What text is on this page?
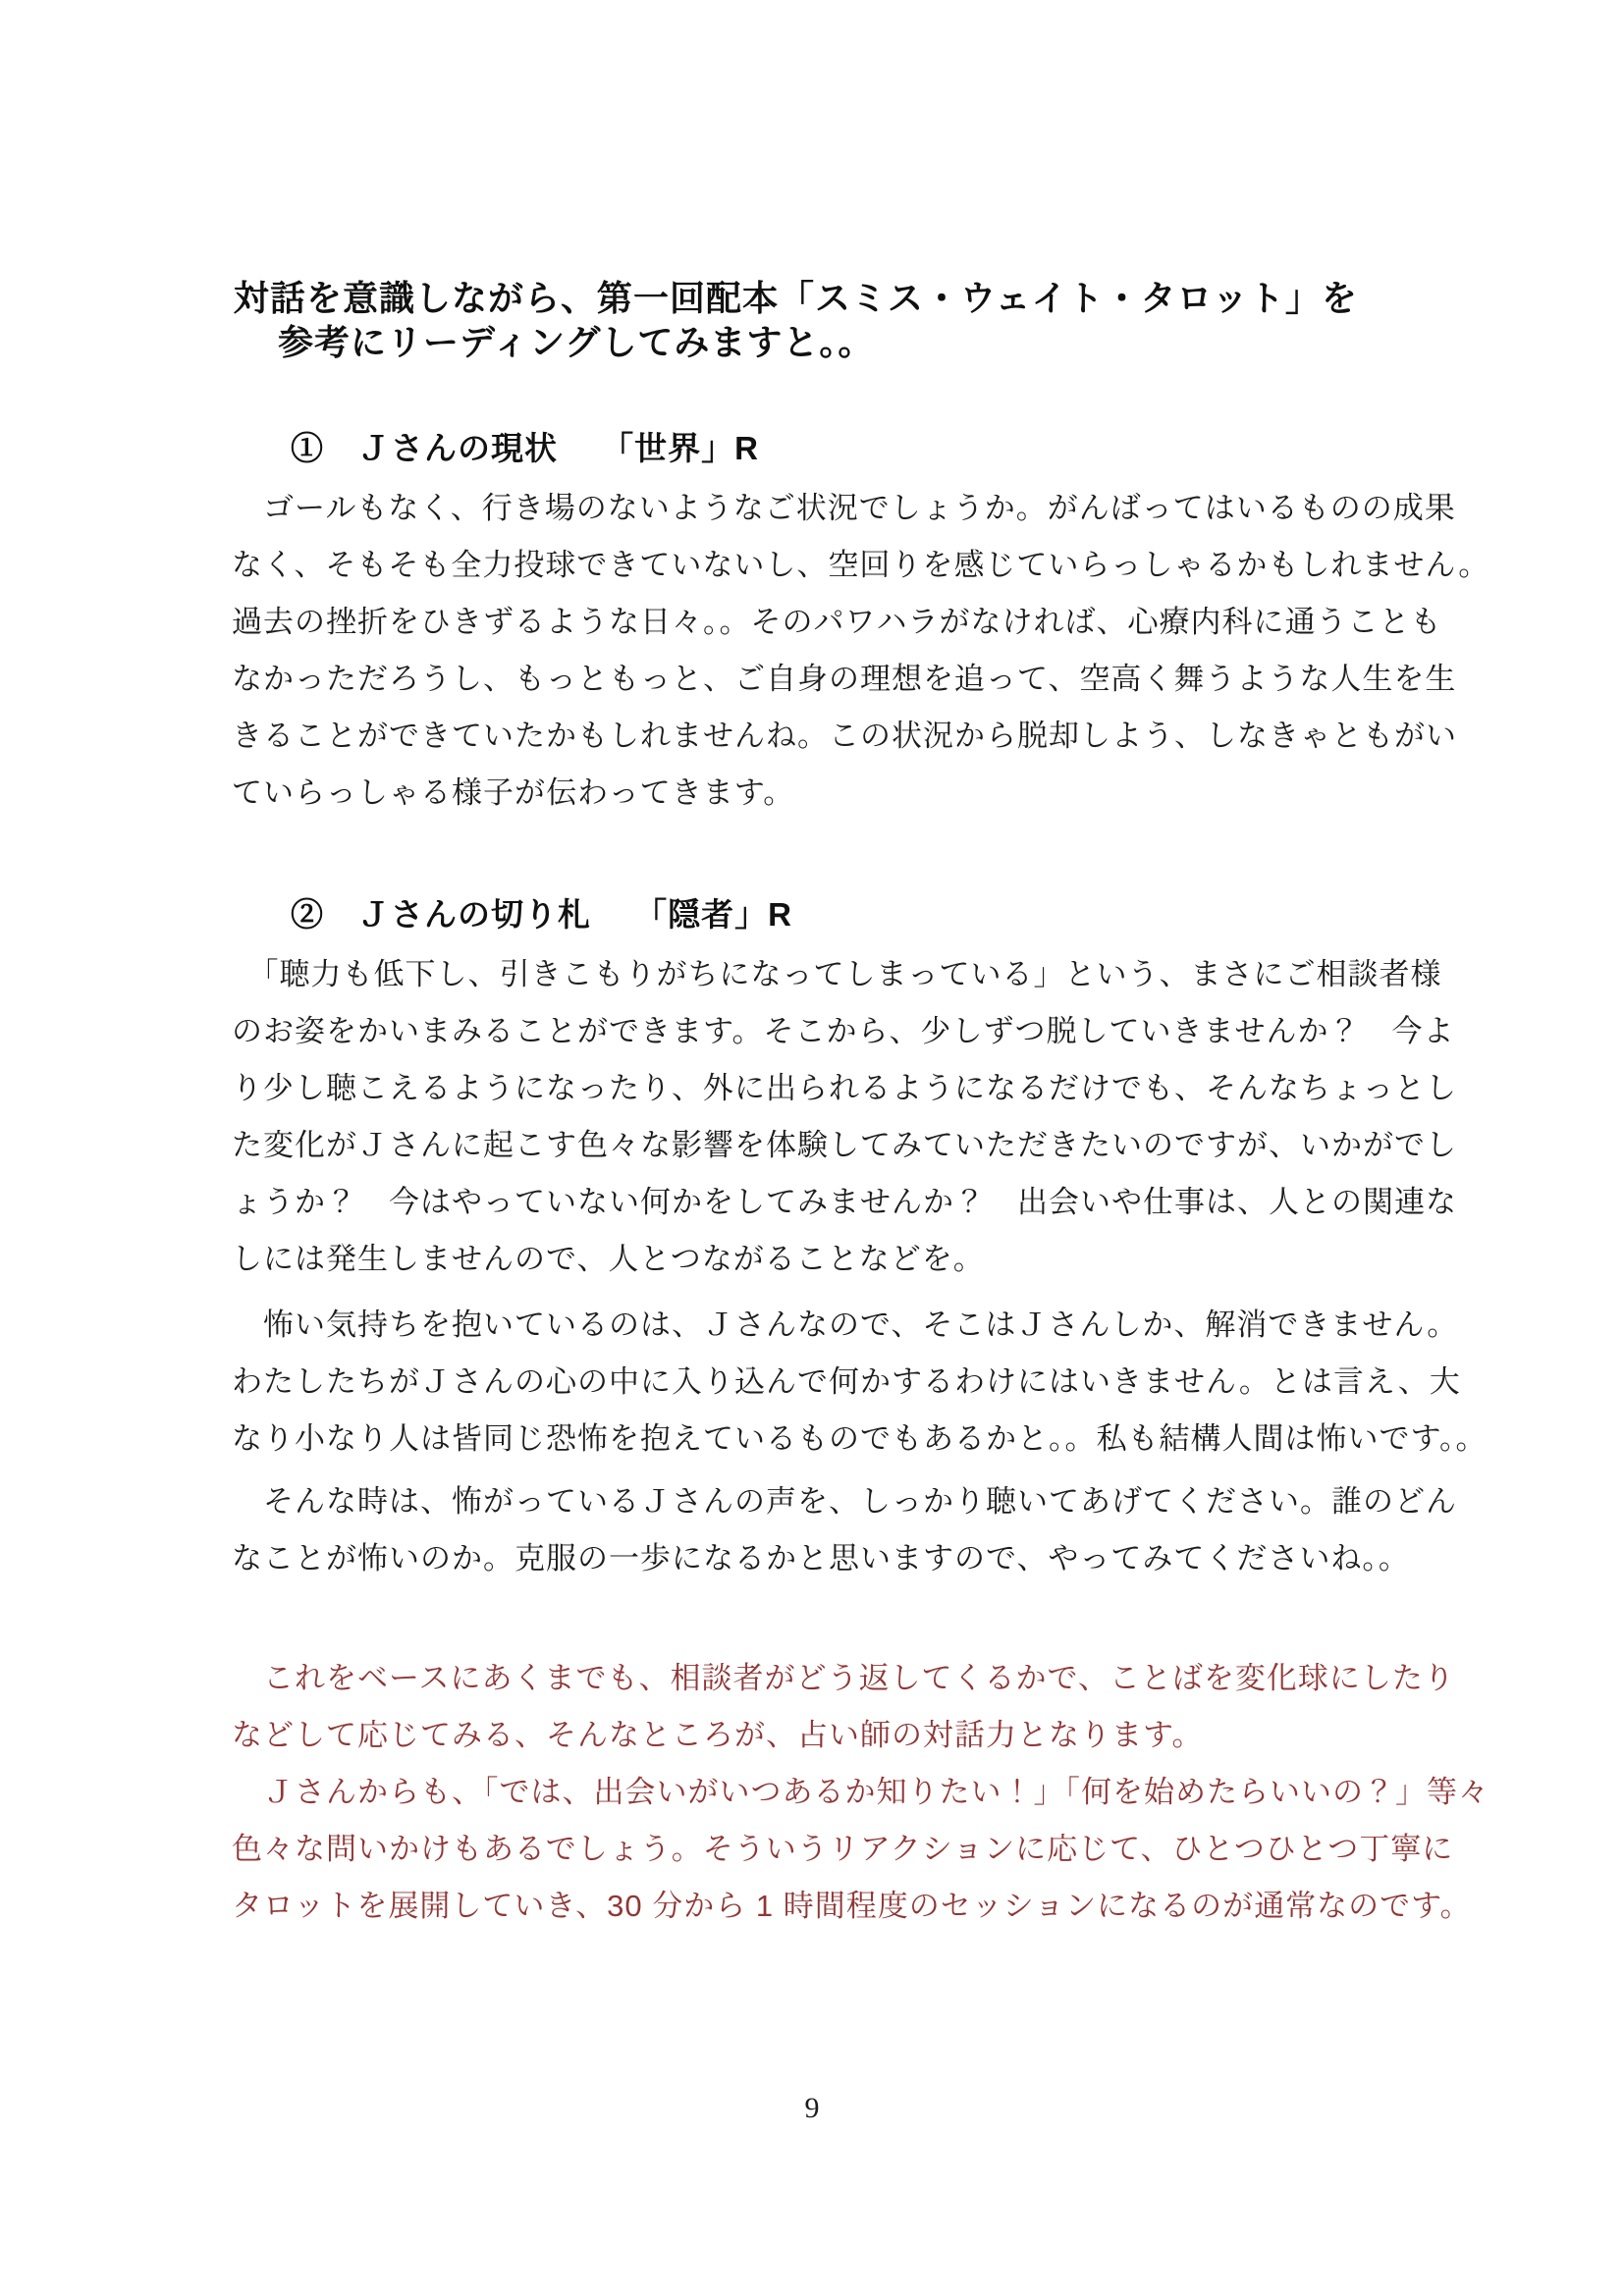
対話を意識しながら、第一回配本「スミス・ウェイト・タロット」を
参考にリーディングしてみますと。。
①　Ｊさんの現状　 「世界」R
　ゴールもなく、行き場のないようなご状況でしょうか。がんばってはいるものの成果
なく、そもそも全力投球できていないし、空回りを感じていらっしゃるかもしれません。
過去の挫折をひきずるような日々。。そのパワハラがなければ、心療内科に通うことも
なかっただろうし、もっともっと、ご自身の理想を追って、空高く舞うような人生を生
きることができていたかもしれませんね。この状況から脱却しよう、しなきゃともがい
ていらっしゃる様子が伝わってきます。
②　Ｊさんの切り札　 「隠者」R
　「聴力も低下し、引きこもりがちになってしまっている」という、まさにご相談者様
のお姿をかいまみることができます。そこから、少しずつ脱していきませんか？　今よ
り少し聴こえるようになったり、外に出られるようになるだけでも、そんなちょっとし
た変化がＪさんに起こす色々な影響を体験してみていただきたいのですが、いかがでし
ょうか？　今はやっていない何かをしてみませんか？　出会いや仕事は、人との関連な
しには発生しませんので、人とつながることなどを。
　怖い気持ちを抱いているのは、Ｊさんなので、そこはＪさんしか、解消できません。
わたしたちがＪさんの心の中に入り込んで何かするわけにはいきません。とは言え、大
なり小なり人は皆同じ恐怖を抱えているものでもあるかと。。私も結構人間は怖いです。。
　そんな時は、怖がっているＪさんの声を、しっかり聴いてあげてください。誰のどん
なことが怖いのか。克服の一歩になるかと思いますので、やってみてくださいね。。
　これをベースにあくまでも、相談者がどう返してくるかで、ことばを変化球にしたり
などして応じてみる、そんなところが、占い師の対話力となります。
　Ｊさんからも、「では、出会いがいつあるか知りたい！」「何を始めたらいいの？」等々
色々な問いかけもあるでしょう。そういうリアクションに応じて、ひとつひとつ丁寧に
タロットを展開していき、30 分から 1 時間程度のセッションになるのが通常なのです。
9
